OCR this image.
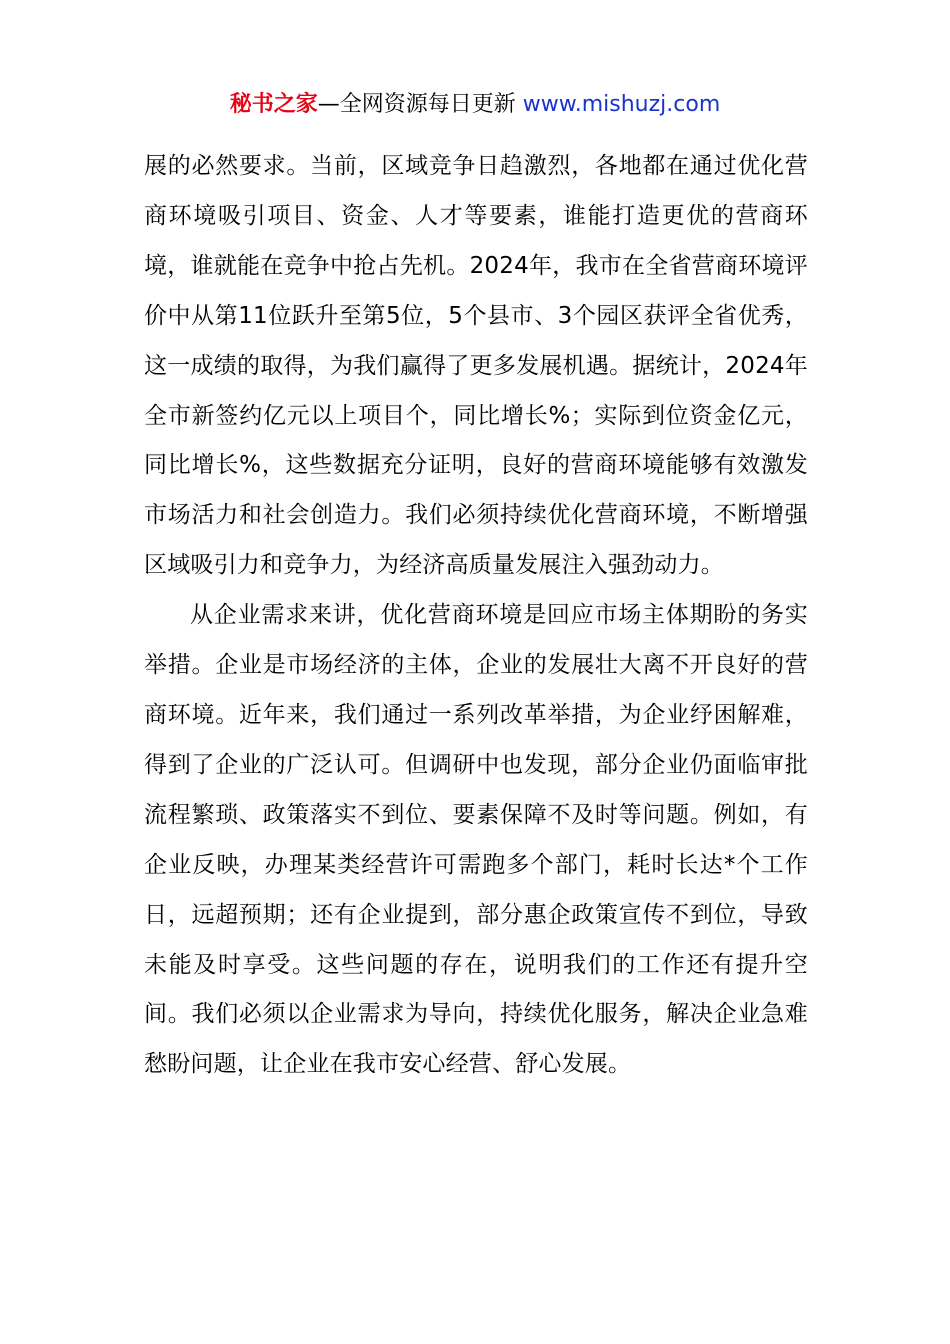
秘书之家—全网资源每日更新 www.mishuzj.com

展的必然要求。当前，区域竞争日趋激烈，各地都在通过优化营商环境吸引项目、资金、人才等要素，谁能打造更优的营商环境，谁就能在竞争中抢占先机。2024年，我市在全省营商环境评价中从第11位跃升至第5位，5个县市、3个园区获评全省优秀，这一成绩的取得，为我们赢得了更多发展机遇。据统计，2024年全市新签约亿元以上项目个，同比增长%；实际到位资金亿元，同比增长%，这些数据充分证明，良好的营商环境能够有效激发市场活力和社会创造力。我们必须持续优化营商环境，不断增强区域吸引力和竞争力，为经济高质量发展注入强劲动力。

从企业需求来讲，优化营商环境是回应市场主体期盼的务实举措。企业是市场经济的主体，企业的发展壮大离不开良好的营商环境。近年来，我们通过一系列改革举措，为企业纾困解难，得到了企业的广泛认可。但调研中也发现，部分企业仍面临审批流程繁琐、政策落实不到位、要素保障不及时等问题。例如，有企业反映，办理某类经营许可需跑多个部门，耗时长达*个工作日，远超预期；还有企业提到，部分惠企政策宣传不到位，导致未能及时享受。这些问题的存在，说明我们的工作还有提升空间。我们必须以企业需求为导向，持续优化服务，解决企业急难愁盼问题，让企业在我市安心经营、舒心发展。
